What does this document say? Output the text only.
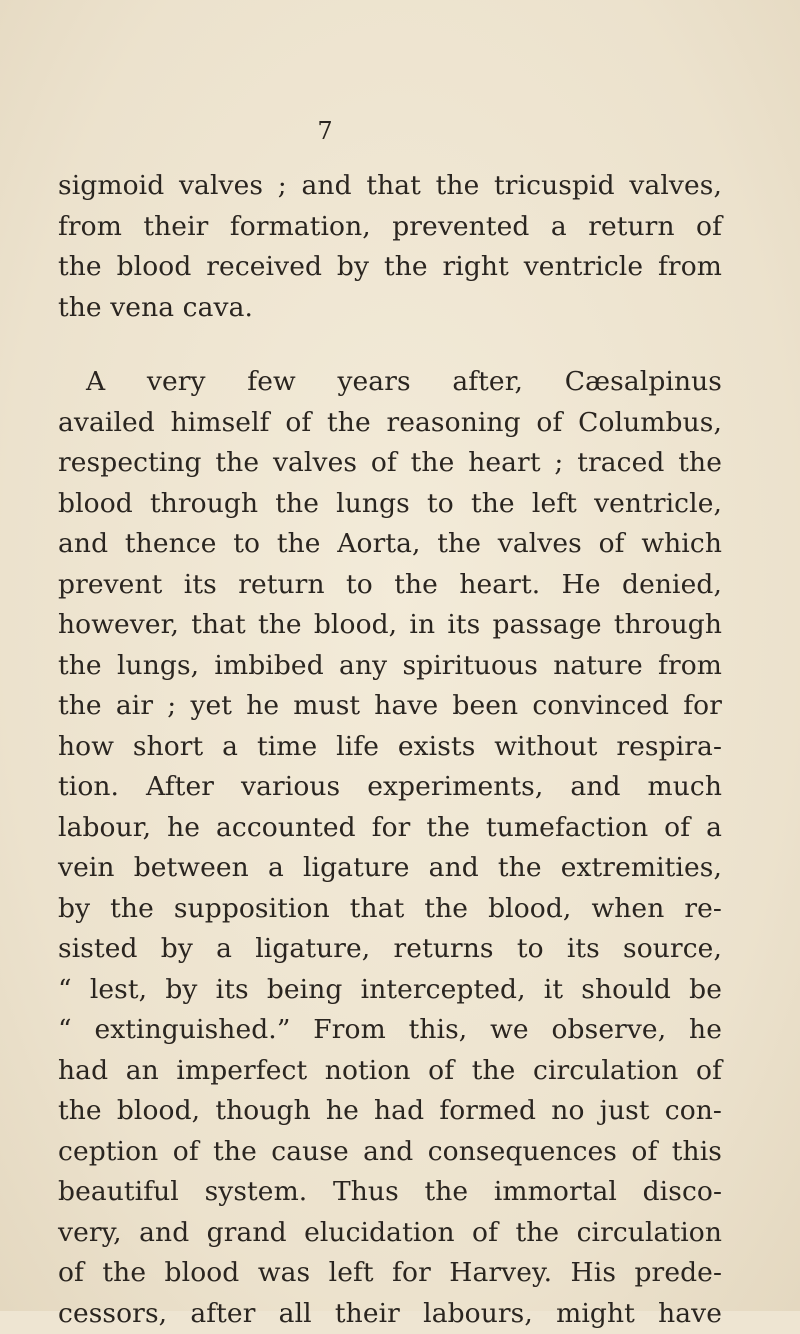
7
sigmoid valves ; and that the tricuspid valves,
from their formation, prevented a return of
the blood received by the right ventricle from
the vena cava.
A very few years after, Cæsalpinus
availed himself of the reasoning of Columbus,
respecting the valves of the heart ; traced the
blood through the lungs to the left ventricle,
and thence to the Aorta, the valves of which
prevent its return to the heart. He denied,
however, that the blood, in its passage through
the lungs, imbibed any spirituous nature from
the air ; yet he must have been convinced for
how short a time life exists without respira-
tion. After various experiments, and much
labour, he accounted for the tumefaction of a
vein between a ligature and the extremities,
by the supposition that the blood, when re-
sisted by a ligature, returns to its source,
“ lest, by its being intercepted, it should be
“ extinguished.” From this, we observe, he
had an imperfect notion of the circulation of
the blood, though he had formed no just con-
ception of the cause and consequences of this
beautiful system. Thus the immortal disco-
very, and grand elucidation of the circulation
of the blood was left for Harvey. His prede-
cessors, after all their labours, might have
